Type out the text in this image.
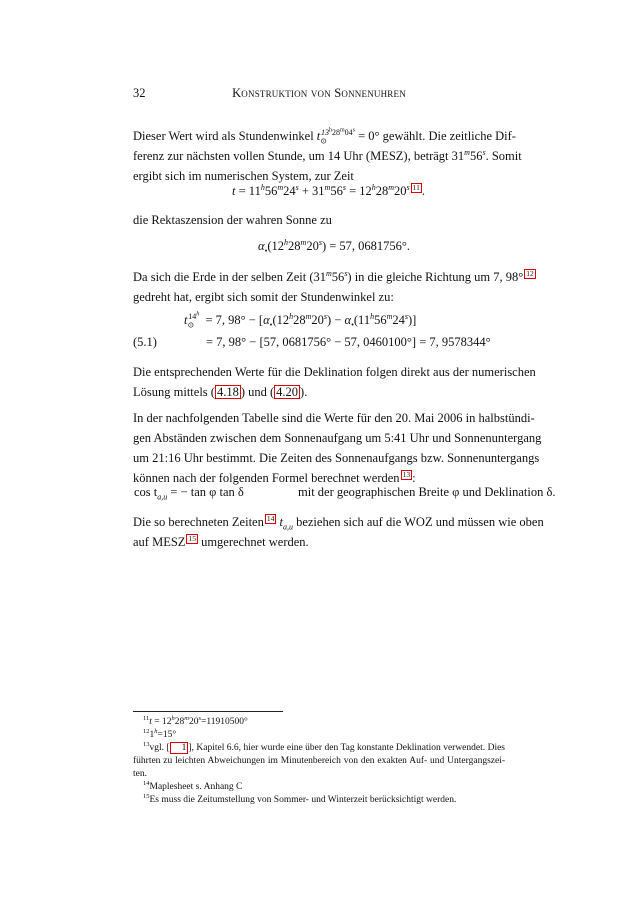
32	Konstruktion von Sonnenuhren
Dieser Wert wird als Stundenwinkel $t_⊙^{13^h28^m04^s} = 0^\circ$ gewählt. Die zeitliche Dif-
ferenz zur nächsten vollen Stunde, um 14 Uhr (MESZ), beträgt 31$^m$56$^s$. Somit
ergibt sich im numerischen System, zur Zeit
$t = 11^h56^m24^s + 31^m56^s = 12^h28^m20^s$ 11 .
die Rektaszension der wahren Sonne zu
$\alpha_•(12^h28^m20^s) = 57$, 0681756°.
Da sich die Erde in der selben Zeit (31$^m$56$^s$) in die gleiche Richtung um 7, 98° 12
gedreht hat, ergibt sich somit der Stundenwinkel zu:
$t_⊙^{14^h} = 7$, $98^\circ - [\alpha_•(12^h28^m20^s) - \alpha_•(11^h56^m24^s)]$
(5.1)	= 7, 98° − [57, 0681756° − 57, 0460100°] = 7, 9578344°
Die entsprechenden Werte für die Deklination folgen direkt aus der numerischen
Lösung mittels ( 4.18 ) und ( 4.20 ).
In der nachfolgenden Tabelle sind die Werte für den 20. Mai 2006 in halbstündi-
gen Abständen zwischen dem Sonnenaufgang um 5:41 Uhr und Sonnenuntergang
um 21:16 Uhr bestimmt. Die Zeiten des Sonnenaufgangs bzw. Sonnenuntergangs
können nach der folgenden Formel berechnet werden 13 :
$\cos t_{a,u}$ = − tan φ tan δ	mit der geographischen Breite φ und Deklination δ.
Die so berechneten Zeiten 14 $t_{a,u}$ beziehen sich auf die WOZ und müssen wie oben
auf MESZ 15 umgerechnet werden.
$^{11}t = 12^h28^m20^s=11910500^\circ$
$^{12}1^h=15^\circ$
$^{13}$vgl. [ 1 ], Kapitel 6.6, hier wurde eine über den Tag konstante Deklination verwendet. Dies führten zu leichten Abweichungen im Minutenbereich von den exakten Auf- und Untergangszei-ten.
$^{14}$Maplesheet s. Anhang C
$^{15}$Es muss die Zeitumstellung von Sommer- und Winterzeit berücksichtigt werden.
